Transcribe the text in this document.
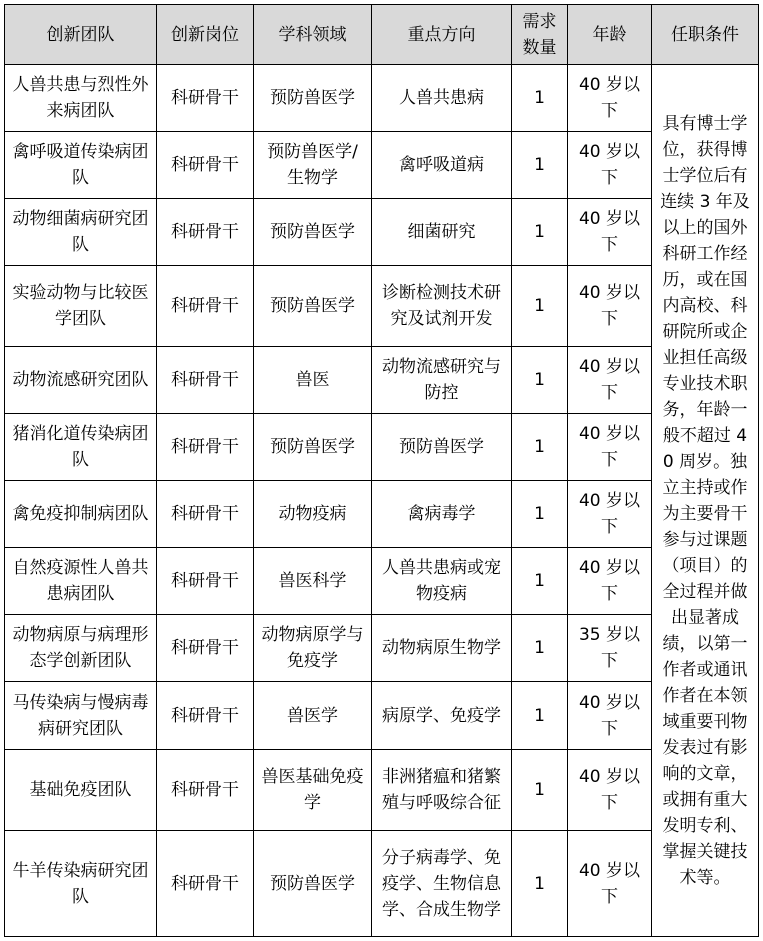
创新团队	创新岗位	学科领域	重点方向	需求数量	年龄	任职条件
人兽共患与烈性外来病团队	科研骨干	预防兽医学	人兽共患病	1	40 岁以下	具有博士学位，获得博士学位后有连续 3 年及以上的国外科研工作经历，或在国内高校、科研院所或企业担任高级专业技术职务，年龄一般不超过 40 周岁。独立主持或作为主要骨干参与过课题（项目）的全过程并做出显著成绩，以第一作者或通讯作者在本领域重要刊物发表过有影响的文章，或拥有重大发明专利、掌握关键技术等。
禽呼吸道传染病团队	科研骨干	预防兽医学/生物学	禽呼吸道病	1	40 岁以下	
动物细菌病研究团队	科研骨干	预防兽医学	细菌研究	1	40 岁以下	
实验动物与比较医学团队	科研骨干	预防兽医学	诊断检测技术研究及试剂开发	1	40 岁以下	
动物流感研究团队	科研骨干	兽医	动物流感研究与防控	1	40 岁以下	
猪消化道传染病团队	科研骨干	预防兽医学	预防兽医学	1	40 岁以下	
禽免疫抑制病团队	科研骨干	动物疫病	禽病毒学	1	40 岁以下	
自然疫源性人兽共患病团队	科研骨干	兽医科学	人兽共患病或宠物疫病	1	40 岁以下	
动物病原与病理形态学创新团队	科研骨干	动物病原学与免疫学	动物病原生物学	1	35 岁以下	
马传染病与慢病毒病研究团队	科研骨干	兽医学	病原学、免疫学	1	40 岁以下	
基础免疫团队	科研骨干	兽医基础免疫学	非洲猪瘟和猪繁殖与呼吸综合征	1	40 岁以下	
牛羊传染病研究团队	科研骨干	预防兽医学	分子病毒学、免疫学、生物信息学、合成生物学	1	40 岁以下	
